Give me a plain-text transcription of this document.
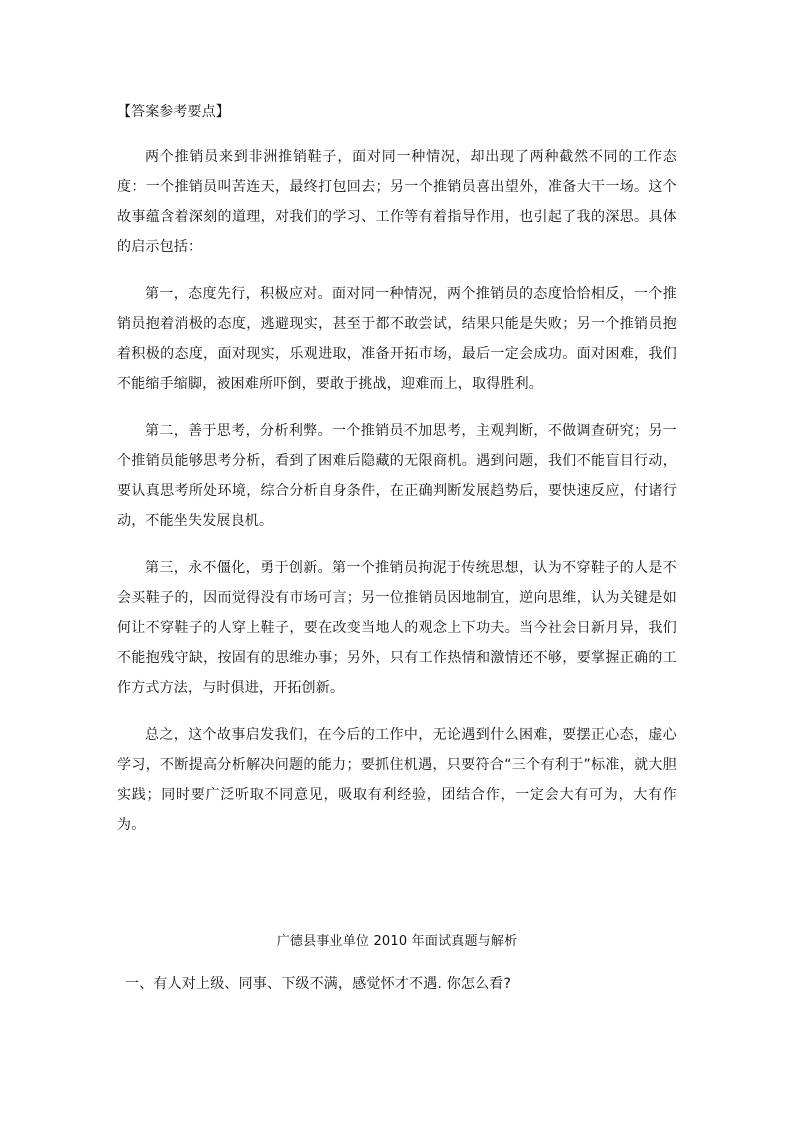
【答案参考要点】

两个推销员来到非洲推销鞋子，面对同一种情况，却出现了两种截然不同的工作态度：一个推销员叫苦连天，最终打包回去；另一个推销员喜出望外，准备大干一场。这个故事蕴含着深刻的道理，对我们的学习、工作等有着指导作用，也引起了我的深思。具体的启示包括：

第一，态度先行，积极应对。面对同一种情况，两个推销员的态度恰恰相反，一个推销员抱着消极的态度，逃避现实，甚至于都不敢尝试，结果只能是失败；另一个推销员抱着积极的态度，面对现实，乐观进取，准备开拓市场，最后一定会成功。面对困难，我们不能缩手缩脚，被困难所吓倒，要敢于挑战，迎难而上，取得胜利。

第二，善于思考，分析利弊。一个推销员不加思考，主观判断，不做调查研究；另一个推销员能够思考分析，看到了困难后隐藏的无限商机。遇到问题，我们不能盲目行动，要认真思考所处环境，综合分析自身条件，在正确判断发展趋势后，要快速反应，付诸行动，不能坐失发展良机。

第三，永不僵化，勇于创新。第一个推销员拘泥于传统思想，认为不穿鞋子的人是不会买鞋子的，因而觉得没有市场可言；另一位推销员因地制宜，逆向思维，认为关键是如何让不穿鞋子的人穿上鞋子，要在改变当地人的观念上下功夫。当今社会日新月异，我们不能抱残守缺，按固有的思维办事；另外，只有工作热情和激情还不够，要掌握正确的工作方式方法，与时俱进，开拓创新。

总之，这个故事启发我们，在今后的工作中，无论遇到什么困难，要摆正心态，虚心学习，不断提高分析解决问题的能力；要抓住机遇，只要符合“三个有利于”标准，就大胆实践；同时要广泛听取不同意见，吸取有利经验，团结合作，一定会大有可为，大有作为。

广德县事业单位 2010 年面试真题与解析
一、有人对上级、同事、下级不满，感觉怀才不遇. 你怎么看?
